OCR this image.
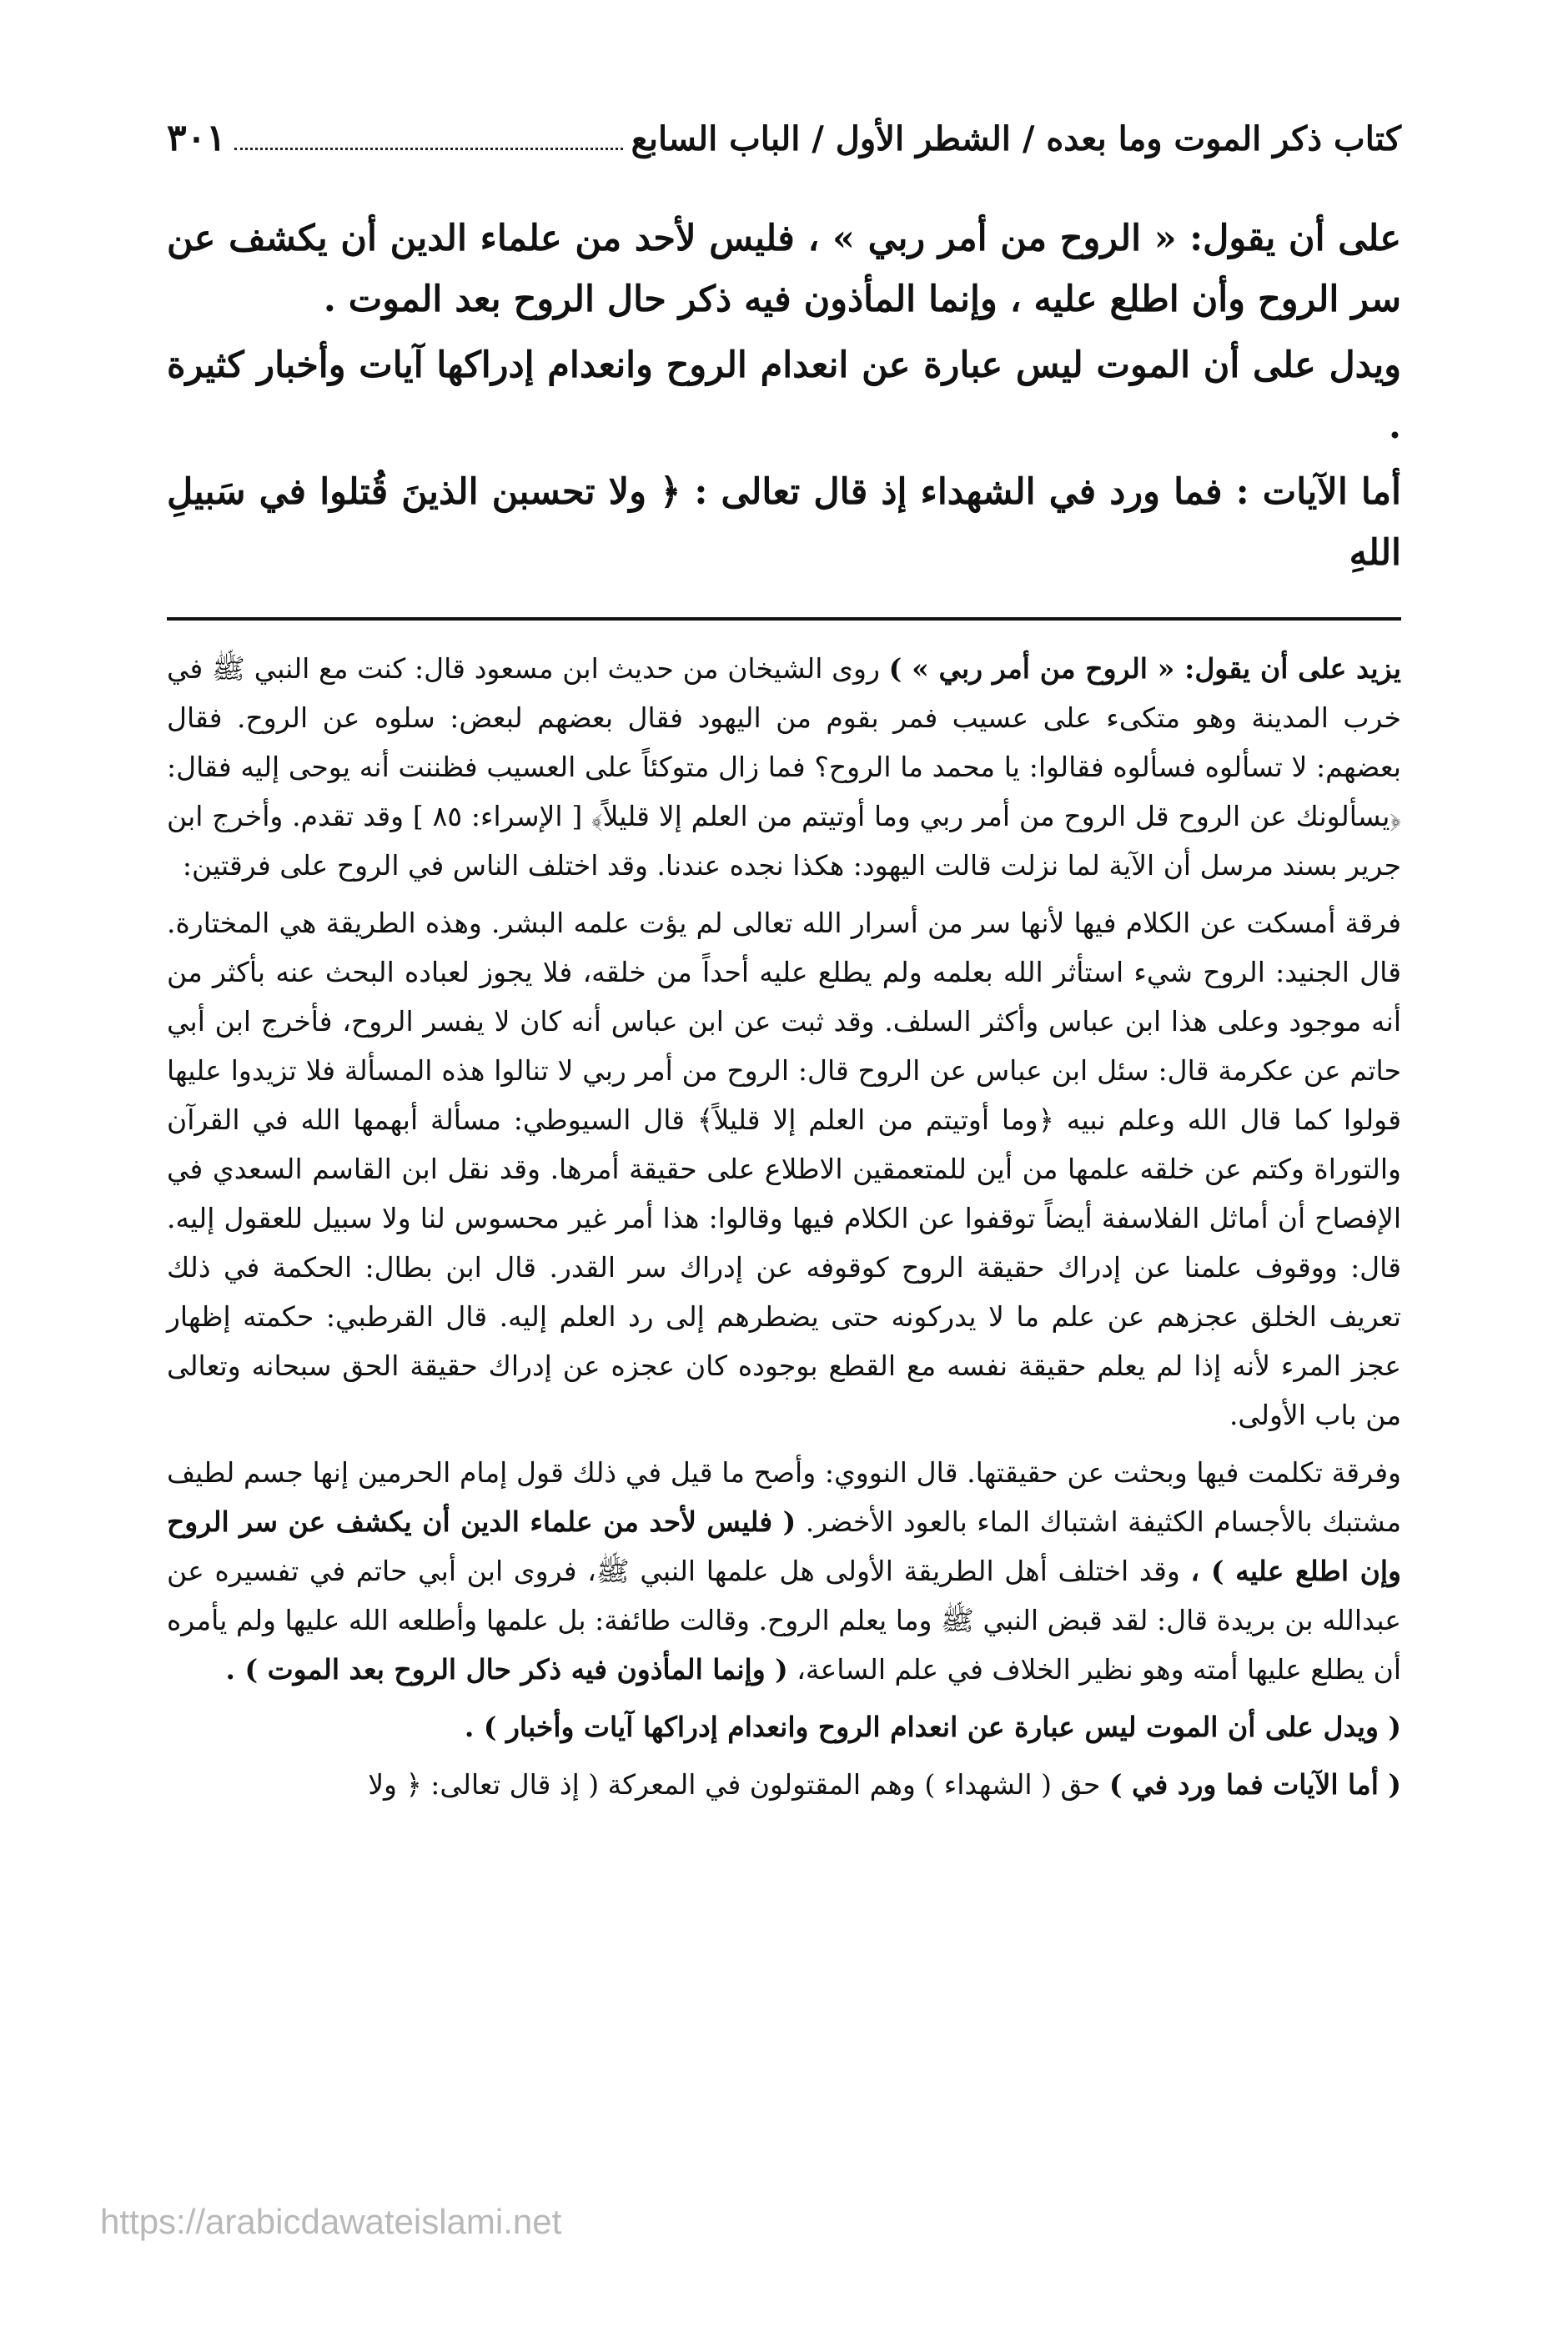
كتاب ذكر الموت وما بعده / الشطر الأول / الباب السابع
٣٠١

على أن يقول: « الروح من أمر ربي » ، فليس لأحد من علماء الدين أن يكشف عن سر الروح وأن اطلع عليه ، وإنما المأذون فيه ذكر حال الروح بعد الموت .

ويدل على أن الموت ليس عبارة عن انعدام الروح وانعدام إدراكها آيات وأخبار كثيرة .

أما الآيات : فما ورد في الشهداء إذ قال تعالى : ﴿ ولا تحسبن الذينَ قُتلوا في سَبيلِ اللهِ

يزيد على أن يقول: « الروح من أمر ربي » ) روى الشيخان من حديث ابن مسعود قال: كنت مع النبي ﷺ في خرب المدينة وهو متكىء على عسيب فمر بقوم من اليهود فقال بعضهم لبعض: سلوه عن الروح. فقال بعضهم: لا تسألوه فسألوه فقالوا: يا محمد ما الروح؟ فما زال متوكئاً على العسيب فظننت أنه يوحى إليه فقال: ﴿يسألونك عن الروح قل الروح من أمر ربي وما أوتيتم من العلم إلا قليلاً﴾ [ الإسراء: ٨٥ ] وقد تقدم. وأخرج ابن جرير بسند مرسل أن الآية لما نزلت قالت اليهود: هكذا نجده عندنا. وقد اختلف الناس في الروح على فرقتين:

فرقة أمسكت عن الكلام فيها لأنها سر من أسرار الله تعالى لم يؤت علمه البشر. وهذه الطريقة هي المختارة. قال الجنيد: الروح شيء استأثر الله بعلمه ولم يطلع عليه أحداً من خلقه، فلا يجوز لعباده البحث عنه بأكثر من أنه موجود وعلى هذا ابن عباس وأكثر السلف. وقد ثبت عن ابن عباس أنه كان لا يفسر الروح، فأخرج ابن أبي حاتم عن عكرمة قال: سئل ابن عباس عن الروح قال: الروح من أمر ربي لا تنالوا هذه المسألة فلا تزيدوا عليها قولوا كما قال الله وعلم نبيه ﴿وما أوتيتم من العلم إلا قليلاً﴾ قال السيوطي: مسألة أبهمها الله في القرآن والتوراة وكتم عن خلقه علمها من أين للمتعمقين الاطلاع على حقيقة أمرها. وقد نقل ابن القاسم السعدي في الإفصاح أن أماثل الفلاسفة أيضاً توقفوا عن الكلام فيها وقالوا: هذا أمر غير محسوس لنا ولا سبيل للعقول إليه. قال: ووقوف علمنا عن إدراك حقيقة الروح كوقوفه عن إدراك سر القدر. قال ابن بطال: الحكمة في ذلك تعريف الخلق عجزهم عن علم ما لا يدركونه حتى يضطرهم إلى رد العلم إليه. قال القرطبي: حكمته إظهار عجز المرء لأنه إذا لم يعلم حقيقة نفسه مع القطع بوجوده كان عجزه عن إدراك حقيقة الحق سبحانه وتعالى من باب الأولى.

وفرقة تكلمت فيها وبحثت عن حقيقتها. قال النووي: وأصح ما قيل في ذلك قول إمام الحرمين إنها جسم لطيف مشتبك بالأجسام الكثيفة اشتباك الماء بالعود الأخضر. ( فليس لأحد من علماء الدين أن يكشف عن سر الروح وإن اطلع عليه ) ، وقد اختلف أهل الطريقة الأولى هل علمها النبي ﷺ، فروى ابن أبي حاتم في تفسيره عن عبدالله بن بريدة قال: لقد قبض النبي ﷺ وما يعلم الروح. وقالت طائفة: بل علمها وأطلعه الله عليها ولم يأمره أن يطلع عليها أمته وهو نظير الخلاف في علم الساعة، ( وإنما المأذون فيه ذكر حال الروح بعد الموت ) .

( ويدل على أن الموت ليس عبارة عن انعدام الروح وانعدام إدراكها آيات وأخبار ) .

( أما الآيات فما ورد في ) حق ( الشهداء ) وهم المقتولون في المعركة ( إذ قال تعالى: ﴿ ولا

https://arabicdawateislami.net
